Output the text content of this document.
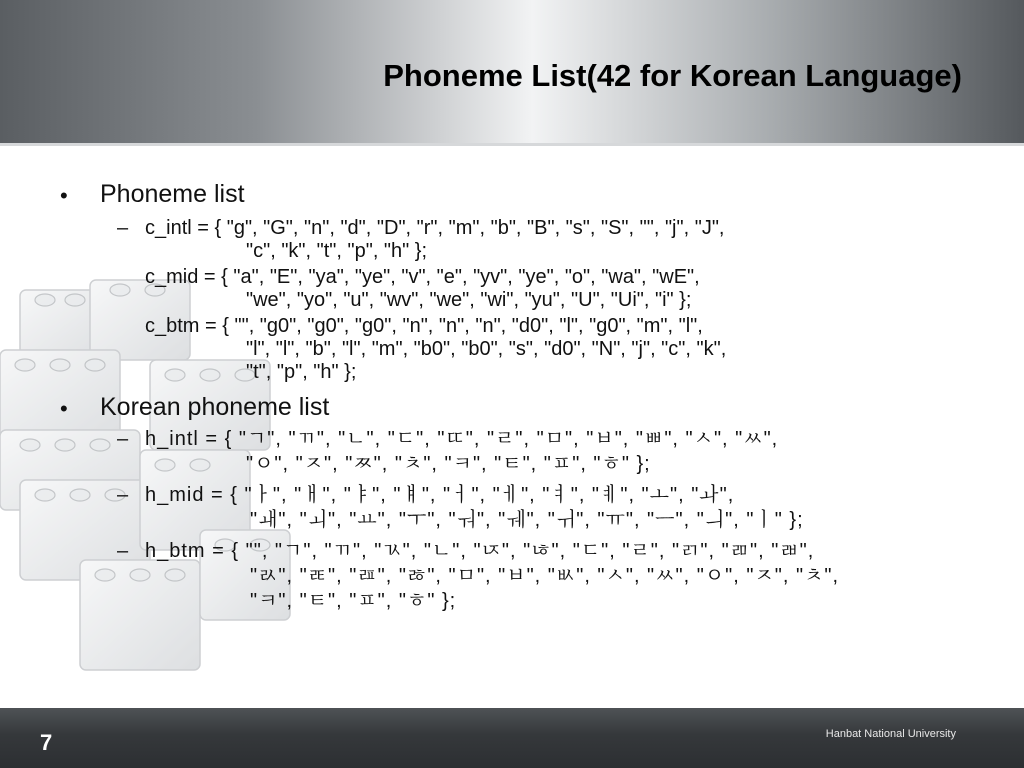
Phoneme List(42 for Korean Language)
• Phoneme list
– c_intl = { "g", "G", "n", "d", "D", "r", "m", "b", "B", "s", "S", "", "j", "J",
"c", "k", "t", "p", "h" };
c_mid = { "a", "E", "ya", "ye", "v", "e", "yv", "ye", "o", "wa", "wE",
"we", "yo", "u", "wv", "we", "wi", "yu", "U", "Ui", "i" };
c_btm = { "", "g0", "g0", "g0", "n", "n", "n", "d0", "l", "g0", "m", "l",
"l", "l", "b", "l", "m", "b0", "b0", "s", "d0", "N", "j", "c", "k",
"t", "p", "h" };
• Korean phoneme list
– h_intl = { "ㄱ", "ㄲ", "ㄴ", "ㄷ", "ㄸ", "ㄹ", "ㅁ", "ㅂ", "ㅃ", "ㅅ", "ㅆ",
"ㅇ", "ㅈ", "ㅉ", "ㅊ", "ㅋ", "ㅌ", "ㅍ", "ㅎ" };
– h_mid = { "ㅏ", "ㅐ", "ㅑ", "ㅒ", "ㅓ", "ㅔ", "ㅕ", "ㅖ", "ㅗ", "ㅘ",
"ㅙ", "ㅚ", "ㅛ", "ㅜ", "ㅝ", "ㅞ", "ㅟ", "ㅠ", "ㅡ", "ㅢ", "ㅣ" };
– h_btm = { "", "ㄱ", "ㄲ", "ㄳ", "ㄴ", "ㄵ", "ㄶ", "ㄷ", "ㄹ", "ㄺ", "ㄻ", "ㄼ",
"ㄽ", "ㄾ", "ㄿ", "ㅀ", "ㅁ", "ㅂ", "ㅄ", "ㅅ", "ㅆ", "ㅇ", "ㅈ", "ㅊ",
"ㅋ", "ㅌ", "ㅍ", "ㅎ" };
7	Hanbat National University
